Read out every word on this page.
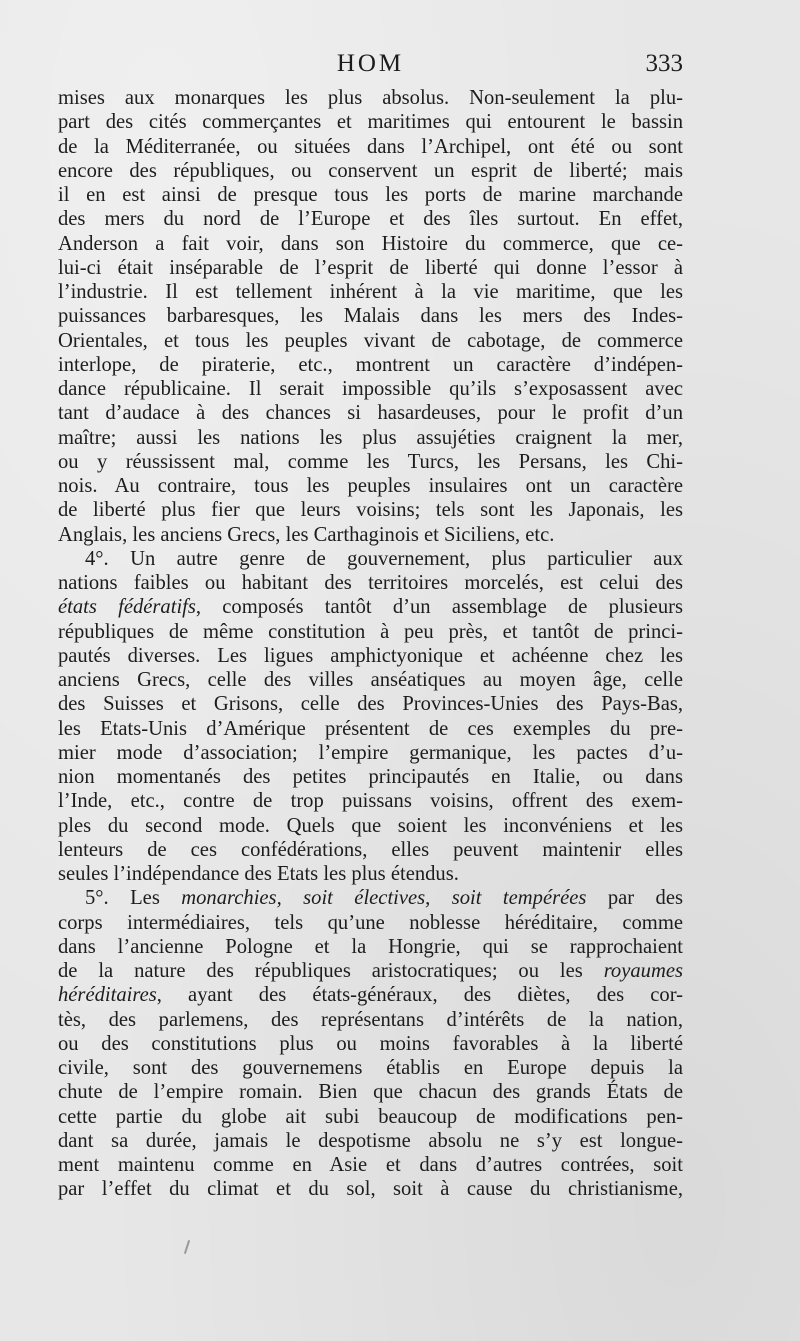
HOM	333
mises aux monarques les plus absolus. Non-seulement la plu-
part des cités commerçantes et maritimes qui entourent le bassin
de la Méditerranée, ou situées dans l’Archipel, ont été ou sont
encore des républiques, ou conservent un esprit de liberté; mais
il en est ainsi de presque tous les ports de marine marchande
des mers du nord de l’Europe et des îles surtout. En effet,
Anderson a fait voir, dans son Histoire du commerce, que ce-
lui-ci était inséparable de l’esprit de liberté qui donne l’essor à
l’industrie. Il est tellement inhérent à la vie maritime, que les
puissances barbaresques, les Malais dans les mers des Indes-
Orientales, et tous les peuples vivant de cabotage, de commerce
interlope, de piraterie, etc., montrent un caractère d’indépen-
dance républicaine. Il serait impossible qu’ils s’exposassent avec
tant d’audace à des chances si hasardeuses, pour le profit d’un
maître; aussi les nations les plus assujéties craignent la mer,
ou y réussissent mal, comme les Turcs, les Persans, les Chi-
nois. Au contraire, tous les peuples insulaires ont un caractère
de liberté plus fier que leurs voisins; tels sont les Japonais, les
Anglais, les anciens Grecs, les Carthaginois et Siciliens, etc.
4°. Un autre genre de gouvernement, plus particulier aux
nations faibles ou habitant des territoires morcelés, est celui des
états fédératifs, composés tantôt d’un assemblage de plusieurs
républiques de même constitution à peu près, et tantôt de princi-
pautés diverses. Les ligues amphictyonique et achéenne chez les
anciens Grecs, celle des villes anséatiques au moyen âge, celle
des Suisses et Grisons, celle des Provinces-Unies des Pays-Bas,
les Etats-Unis d’Amérique présentent de ces exemples du pre-
mier mode d’association; l’empire germanique, les pactes d’u-
nion momentanés des petites principautés en Italie, ou dans
l’Inde, etc., contre de trop puissans voisins, offrent des exem-
ples du second mode. Quels que soient les inconvéniens et les
lenteurs de ces confédérations, elles peuvent maintenir elles
seules l’indépendance des Etats les plus étendus.
5°. Les monarchies, soit électives, soit tempérées par des
corps intermédiaires, tels qu’une noblesse héréditaire, comme
dans l’ancienne Pologne et la Hongrie, qui se rapprochaient
de la nature des républiques aristocratiques; ou les royaumes
héréditaires, ayant des états-généraux, des diètes, des cor-
tès, des parlemens, des représentans d’intérêts de la nation,
ou des constitutions plus ou moins favorables à la liberté
civile, sont des gouvernemens établis en Europe depuis la
chute de l’empire romain. Bien que chacun des grands États de
cette partie du globe ait subi beaucoup de modifications pen-
dant sa durée, jamais le despotisme absolu ne s’y est longue-
ment maintenu comme en Asie et dans d’autres contrées, soit
par l’effet du climat et du sol, soit à cause du christianisme,
